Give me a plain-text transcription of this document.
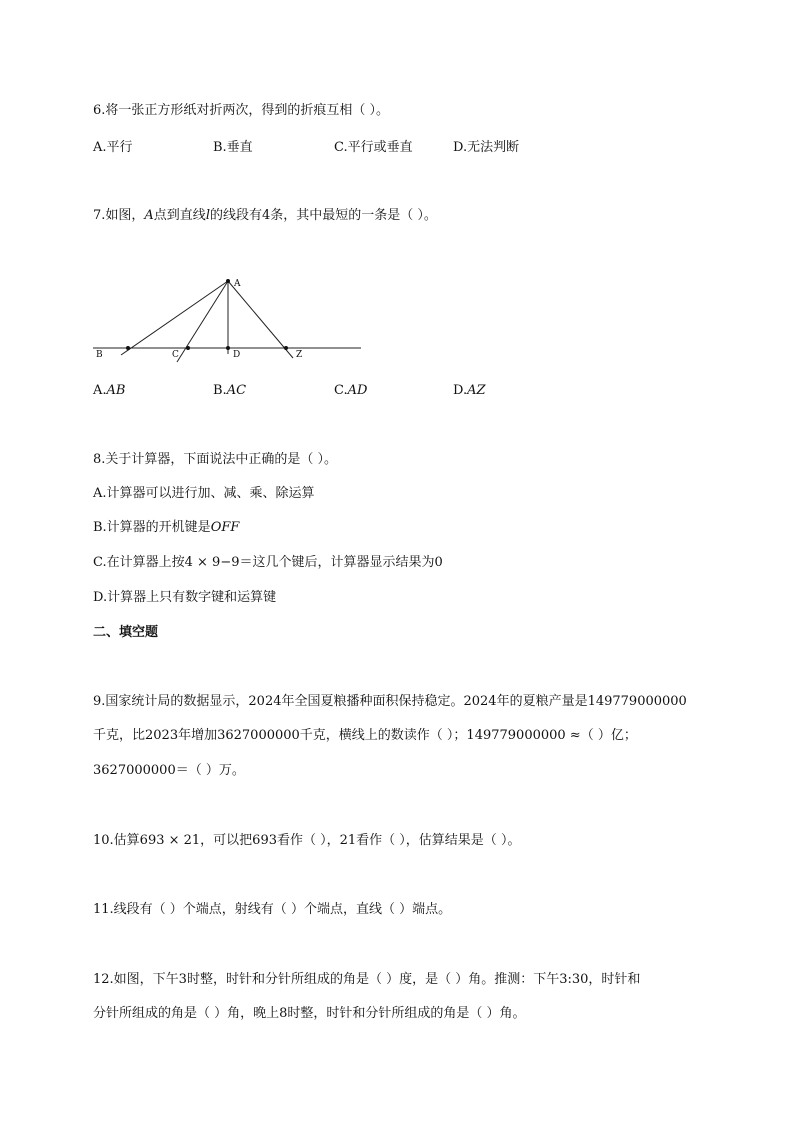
6.将一张正方形纸对折两次，得到的折痕互相（ ）。
A.平行	B.垂直	C.平行或垂直	D.无法判断
7.如图，A点到直线l的线段有4条，其中最短的一条是（ ）。
A
B	C	D	Z
A.AB	B.AC	C.AD	D.AZ
8.关于计算器，下面说法中正确的是（ ）。
A.计算器可以进行加、减、乘、除运算
B.计算器的开机键是OFF
C.在计算器上按4 × 9−9＝这几个键后，计算器显示结果为0
D.计算器上只有数字键和运算键
二、填空题
9.国家统计局的数据显示，2024年全国夏粮播种面积保持稳定。2024年的夏粮产量是149779000000
千克，比2023年增加3627000000千克，横线上的数读作（ ）；149779000000 ≈（ ）亿；
3627000000＝（ ）万。
10.估算693 × 21，可以把693看作（ ），21看作（ ），估算结果是（ ）。
11.线段有（ ）个端点，射线有（ ）个端点，直线（ ）端点。
12.如图，下午3时整，时针和分针所组成的角是（ ）度，是（ ）角。推测：下午3:30，时针和
分针所组成的角是（ ）角，晚上8时整，时针和分针所组成的角是（ ）角。
